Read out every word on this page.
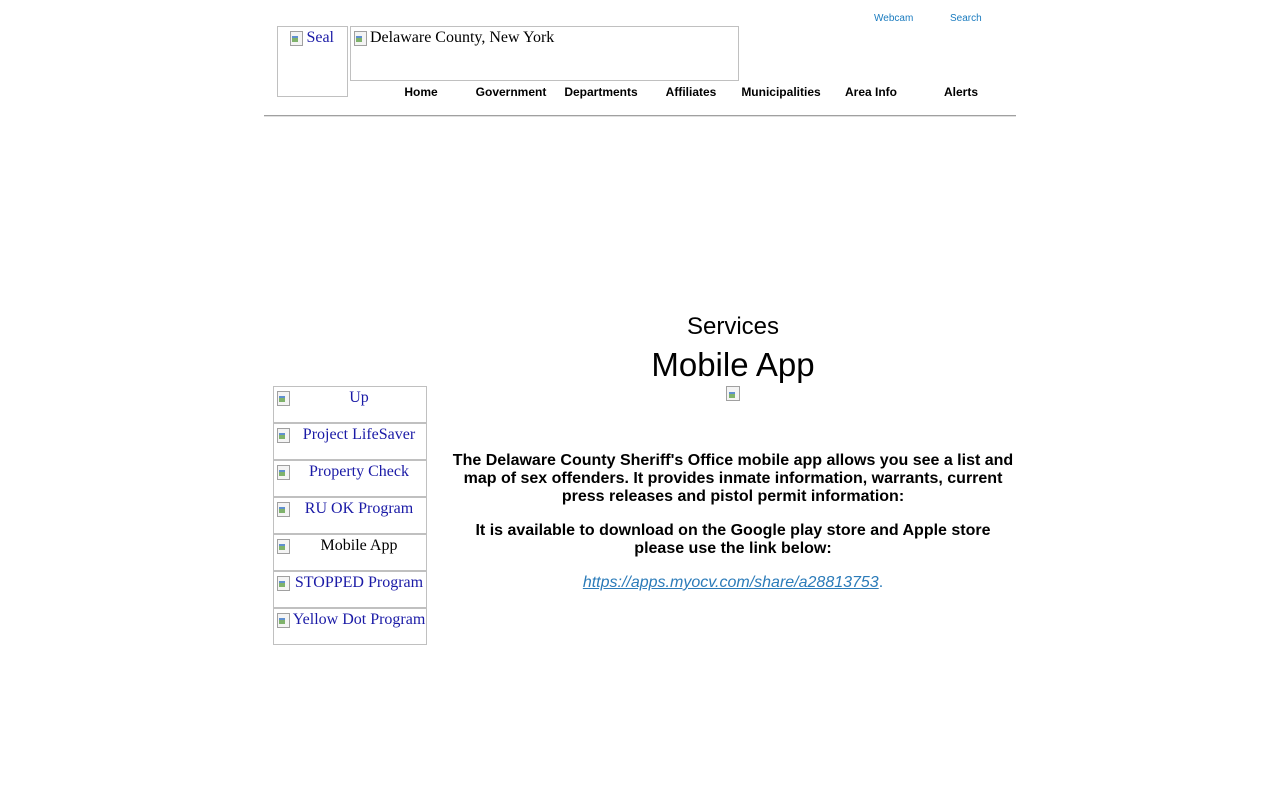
Webcam	Search
Seal	Delaware County, New York
Home	Government	Departments	Affiliates	Municipalities	Area Info	Alerts
Up
Project LifeSaver
Property Check
RU OK Program
Mobile App
STOPPED Program
Yellow Dot Program
Services
Mobile App

The Delaware County Sheriff's Office mobile app allows you see a list and map of sex offenders. It provides inmate information, warrants, current press releases and pistol permit information:

It is available to download on the Google play store and Apple store please use the link below:

https://apps.myocv.com/share/a28813753.
